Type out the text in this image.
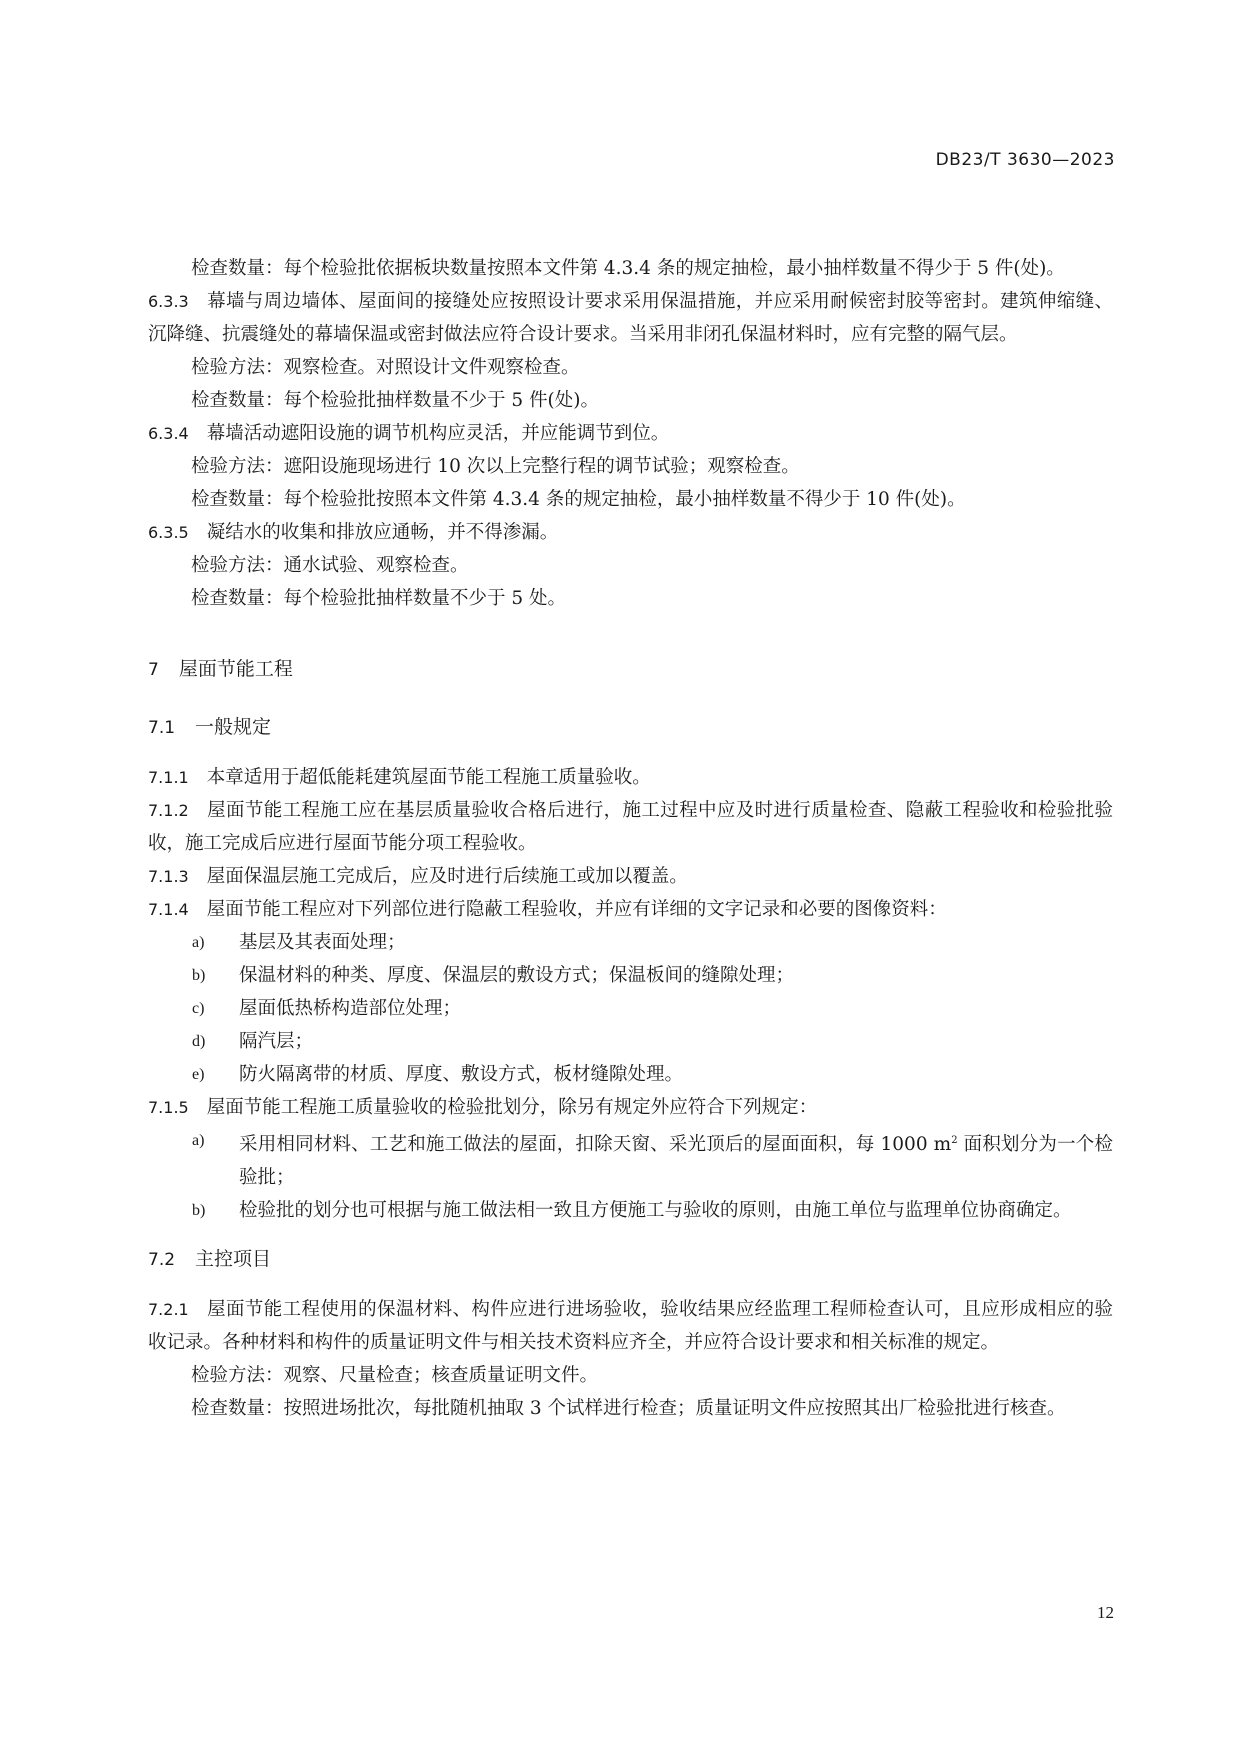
DB23/T 3630—2023

检查数量：每个检验批依据板块数量按照本文件第 4.3.4 条的规定抽检，最小抽样数量不得少于 5 件(处)。

6.3.3 幕墙与周边墙体、屋面间的接缝处应按照设计要求采用保温措施，并应采用耐候密封胶等密封。建筑伸缩缝、沉降缝、抗震缝处的幕墙保温或密封做法应符合设计要求。当采用非闭孔保温材料时，应有完整的隔气层。

检验方法：观察检查。对照设计文件观察检查。

检查数量：每个检验批抽样数量不少于 5 件(处)。

6.3.4 幕墙活动遮阳设施的调节机构应灵活，并应能调节到位。

检验方法：遮阳设施现场进行 10 次以上完整行程的调节试验；观察检查。

检查数量：每个检验批按照本文件第 4.3.4 条的规定抽检，最小抽样数量不得少于 10 件(处)。

6.3.5 凝结水的收集和排放应通畅，并不得渗漏。

检验方法：通水试验、观察检查。

检查数量：每个检验批抽样数量不少于 5 处。

7 屋面节能工程
7.1 一般规定

7.1.1 本章适用于超低能耗建筑屋面节能工程施工质量验收。

7.1.2 屋面节能工程施工应在基层质量验收合格后进行，施工过程中应及时进行质量检查、隐蔽工程验收和检验批验收，施工完成后应进行屋面节能分项工程验收。

7.1.3 屋面保温层施工完成后，应及时进行后续施工或加以覆盖。

7.1.4 屋面节能工程应对下列部位进行隐蔽工程验收，并应有详细的文字记录和必要的图像资料：

a)	基层及其表面处理；
b)	保温材料的种类、厚度、保温层的敷设方式；保温板间的缝隙处理；
c)	屋面低热桥构造部位处理；
d)	隔汽层；
e)	防火隔离带的材质、厚度、敷设方式，板材缝隙处理。

7.1.5 屋面节能工程施工质量验收的检验批划分，除另有规定外应符合下列规定：

a)	采用相同材料、工艺和施工做法的屋面，扣除天窗、采光顶后的屋面面积，每 1000 $m^2$ 面积划分为一个检验批；
b)	检验批的划分也可根据与施工做法相一致且方便施工与验收的原则，由施工单位与监理单位协商确定。
7.2 主控项目

7.2.1 屋面节能工程使用的保温材料、构件应进行进场验收，验收结果应经监理工程师检查认可，且应形成相应的验收记录。各种材料和构件的质量证明文件与相关技术资料应齐全，并应符合设计要求和相关标准的规定。

检验方法：观察、尺量检查；核查质量证明文件。

检查数量：按照进场批次，每批随机抽取 3 个试样进行检查；质量证明文件应按照其出厂检验批进行核查。

12
